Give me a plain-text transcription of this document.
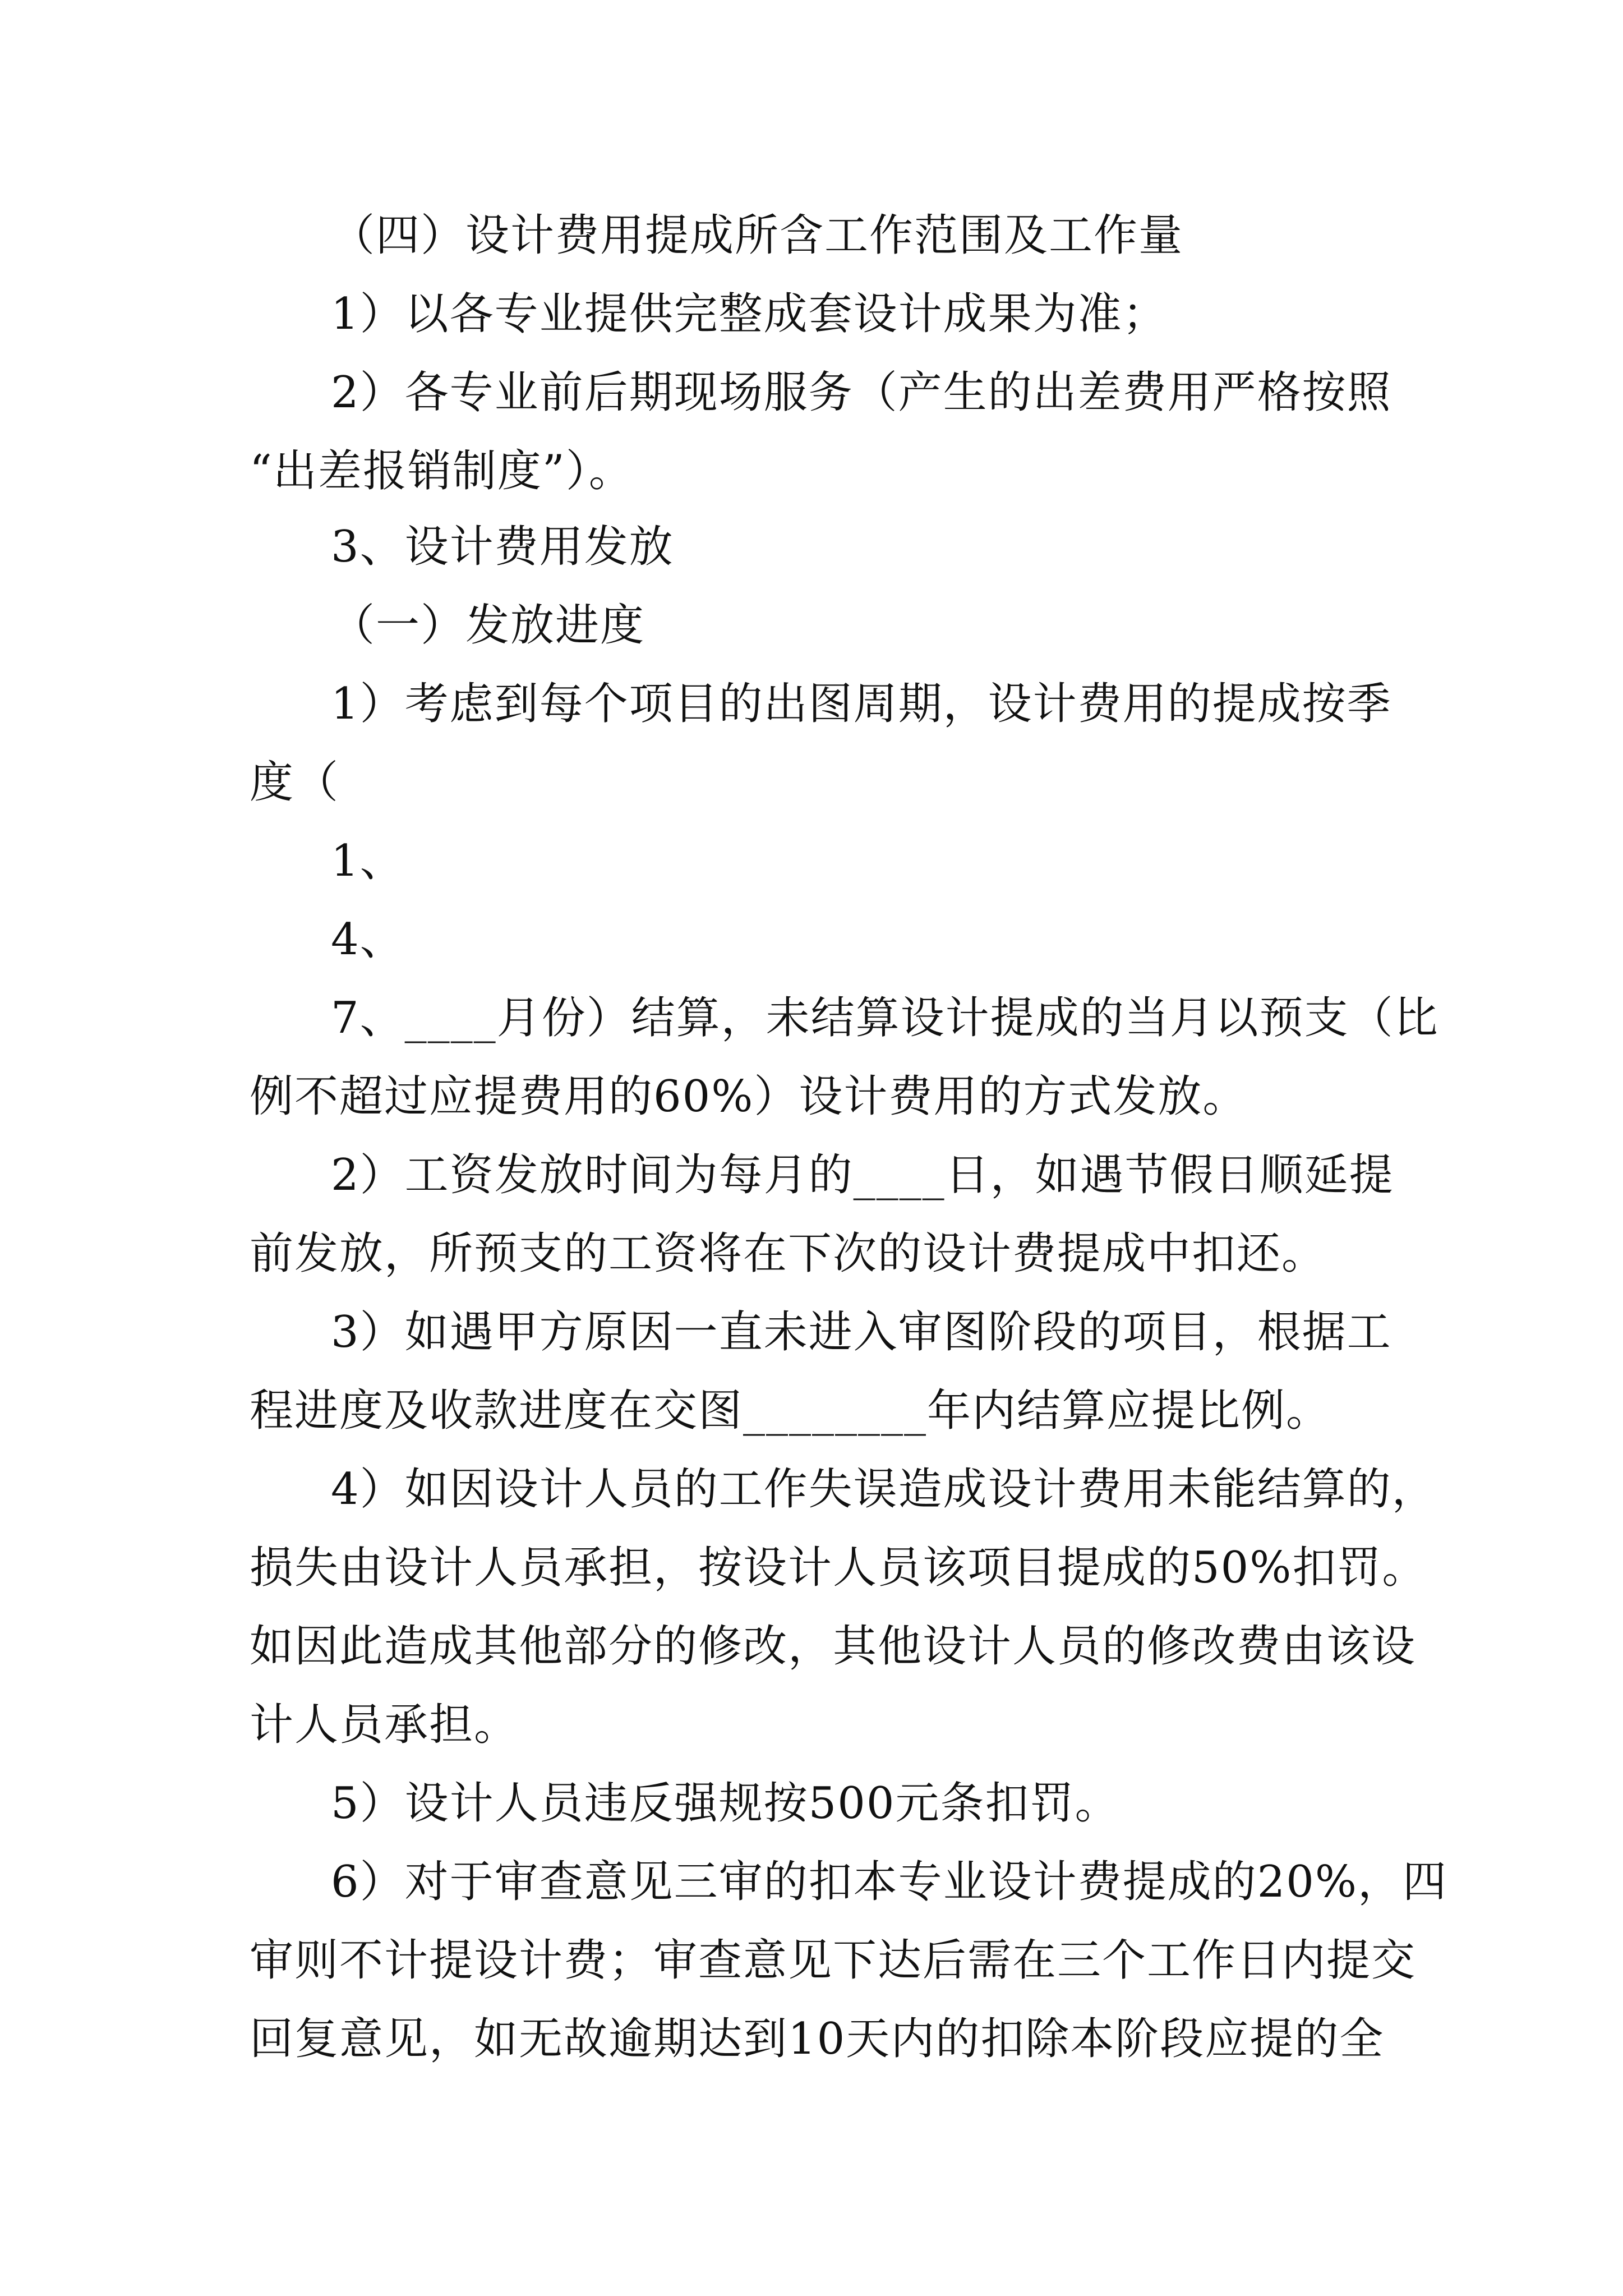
（四）设计费用提成所含工作范围及工作量
1）以各专业提供完整成套设计成果为准；
2）各专业前后期现场服务（产生的出差费用严格按照
“出差报销制度”）。
3、设计费用发放
（一）发放进度
1）考虑到每个项目的出图周期，设计费用的提成按季
度（
1、
4、
7、____月份）结算，未结算设计提成的当月以预支（比
例不超过应提费用的60%）设计费用的方式发放。
2）工资发放时间为每月的____日，如遇节假日顺延提
前发放，所预支的工资将在下次的设计费提成中扣还。
3）如遇甲方原因一直未进入审图阶段的项目，根据工
程进度及收款进度在交图________年内结算应提比例。
4）如因设计人员的工作失误造成设计费用未能结算的，
损失由设计人员承担，按设计人员该项目提成的50%扣罚。
如因此造成其他部分的修改，其他设计人员的修改费由该设
计人员承担。
5）设计人员违反强规按500元条扣罚。
6）对于审查意见三审的扣本专业设计费提成的20%，四
审则不计提设计费；审查意见下达后需在三个工作日内提交
回复意见，如无故逾期达到10天内的扣除本阶段应提的全
